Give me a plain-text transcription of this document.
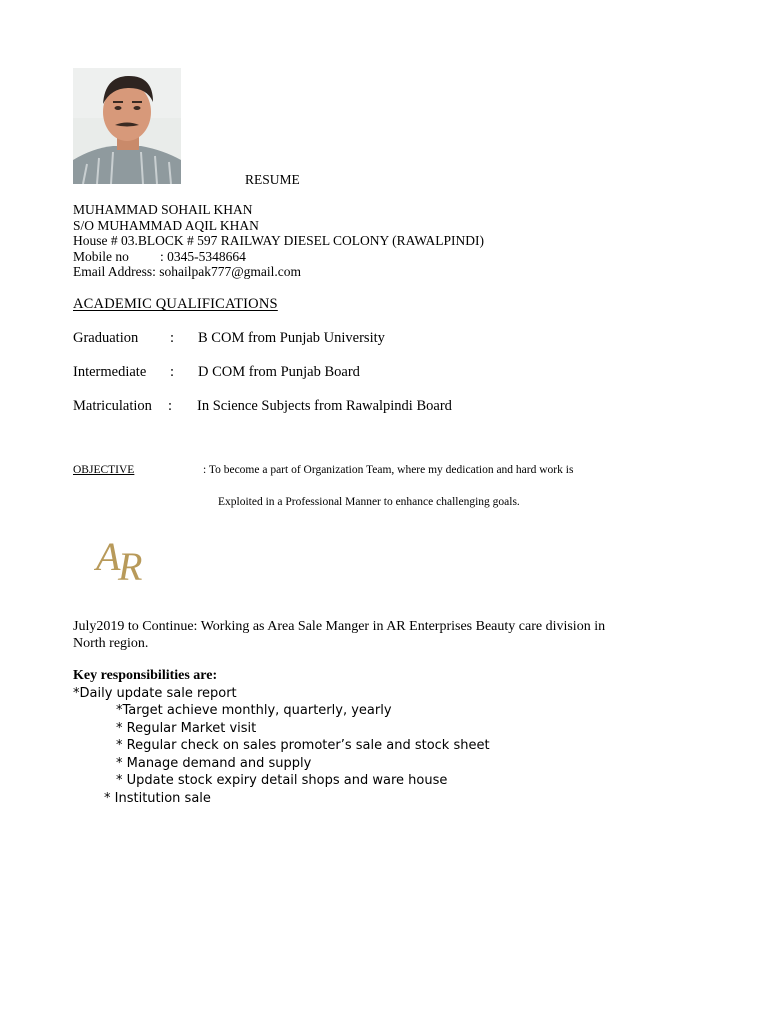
RESUME
MUHAMMAD SOHAIL KHAN
S/O MUHAMMAD AQIL KHAN
House # 03.BLOCK # 597 RAILWAY DIESEL COLONY (RAWALPINDI)
Mobile no : 0345-5348664
Email Address: sohailpak777@gmail.com
ACADEMIC QUALIFICATIONS
Graduation : B COM from Punjab University
Intermediate : D COM from Punjab Board
Matriculation : In Science Subjects from Rawalpindi Board
OBJECTIVE	: To become a part of Organization Team, where my dedication and hard work is
Exploited in a Professional Manner to enhance challenging goals.
A
R
July2019 to Continue: Working as Area Sale Manger in AR Enterprises Beauty care division in
North region.
Key responsibilities are:
*Daily update sale report
*Target achieve monthly, quarterly, yearly
* Regular Market visit
* Regular check on sales promoter’s sale and stock sheet
* Manage demand and supply
* Update stock expiry detail shops and ware house
* Institution sale
